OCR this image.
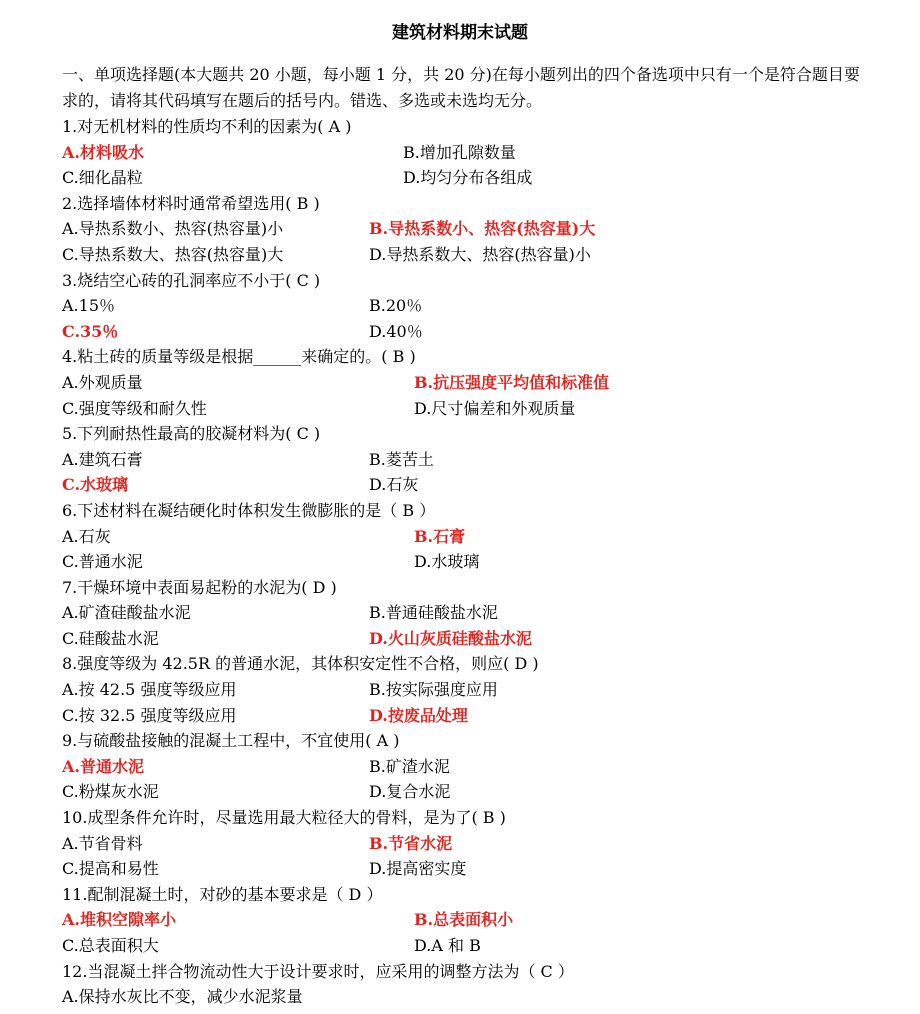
建筑材料期末试题
一、单项选择题(本大题共 20 小题，每小题 1 分，共 20 分)在每小题列出的四个备选项中只有一个是符合题目要求的，请将其代码填写在题后的括号内。错选、多选或未选均无分。
1.对无机材料的性质均不利的因素为( A )
A.材料吸水	B.增加孔隙数量
C.细化晶粒	D.均匀分布各组成
2.选择墙体材料时通常希望选用( B )
A.导热系数小、热容(热容量)小	B.导热系数小、热容(热容量)大
C.导热系数大、热容(热容量)大	D.导热系数大、热容(热容量)小
3.烧结空心砖的孔洞率应不小于( C )
A.15％	B.20％
C.35％	D.40％
4.粘土砖的质量等级是根据______来确定的。( B )
A.外观质量	B.抗压强度平均值和标准值
C.强度等级和耐久性	D.尺寸偏差和外观质量
5.下列耐热性最高的胶凝材料为( C )
A.建筑石膏	B.菱苦土
C.水玻璃	D.石灰
6.下述材料在凝结硬化时体积发生微膨胀的是（ B ）
A.石灰	B.石膏
C.普通水泥	D.水玻璃
7.干燥环境中表面易起粉的水泥为( D )
A.矿渣硅酸盐水泥	B.普通硅酸盐水泥
C.硅酸盐水泥	D.火山灰质硅酸盐水泥
8.强度等级为 42.5R 的普通水泥，其体积安定性不合格，则应( D )
A.按 42.5 强度等级应用	B.按实际强度应用
C.按 32.5 强度等级应用	D.按废品处理
9.与硫酸盐接触的混凝土工程中，不宜使用( A )
A.普通水泥	B.矿渣水泥
C.粉煤灰水泥	D.复合水泥
10.成型条件允许时，尽量选用最大粒径大的骨料，是为了( B )
A.节省骨料	B.节省水泥
C.提高和易性	D.提高密实度
11.配制混凝土时，对砂的基本要求是（ D ）
A.堆积空隙率小	B.总表面积小
C.总表面积大	D.A 和 B
12.当混凝土拌合物流动性大于设计要求时，应采用的调整方法为（ C ）
A.保持水灰比不变，减少水泥浆量
